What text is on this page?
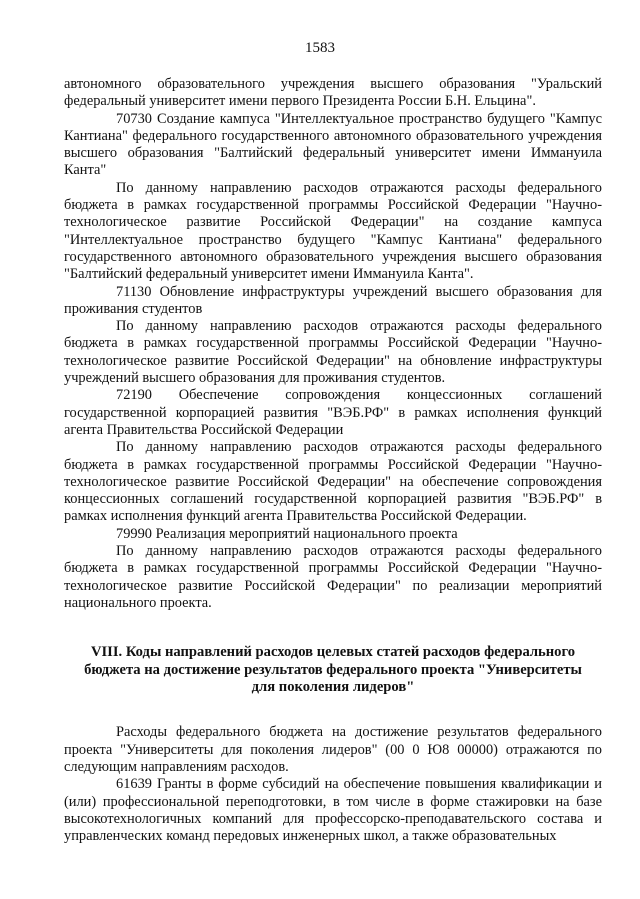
1583

автономного образовательного учреждения высшего образования "Уральский федеральный университет имени первого Президента России Б.Н. Ельцина".

70730 Создание кампуса "Интеллектуальное пространство будущего "Кампус Кантиана" федерального государственного автономного образовательного учреждения высшего образования "Балтийский федеральный университет имени Иммануила Канта"

По данному направлению расходов отражаются расходы федерального бюджета в рамках государственной программы Российской Федерации "Научно-технологическое развитие Российской Федерации" на создание кампуса "Интеллектуальное пространство будущего "Кампус Кантиана" федерального государственного автономного образовательного учреждения высшего образования "Балтийский федеральный университет имени Иммануила Канта".

71130 Обновление инфраструктуры учреждений высшего образования для проживания студентов

По данному направлению расходов отражаются расходы федерального бюджета в рамках государственной программы Российской Федерации "Научно-технологическое развитие Российской Федерации" на обновление инфраструктуры учреждений высшего образования для проживания студентов.

72190 Обеспечение сопровождения концессионных соглашений государственной корпорацией развития "ВЭБ.РФ" в рамках исполнения функций агента Правительства Российской Федерации

По данному направлению расходов отражаются расходы федерального бюджета в рамках государственной программы Российской Федерации "Научно-технологическое развитие Российской Федерации" на обеспечение сопровождения концессионных соглашений государственной корпорацией развития "ВЭБ.РФ" в рамках исполнения функций агента Правительства Российской Федерации.

79990 Реализация мероприятий национального проекта

По данному направлению расходов отражаются расходы федерального бюджета в рамках государственной программы Российской Федерации "Научно-технологическое развитие Российской Федерации" по реализации мероприятий национального проекта.

VIII. Коды направлений расходов целевых статей расходов федерального
бюджета на достижение результатов федерального проекта "Университеты
для поколения лидеров"

Расходы федерального бюджета на достижение результатов федерального проекта "Университеты для поколения лидеров" (00 0 Ю8 00000) отражаются по следующим направлениям расходов.

61639 Гранты в форме субсидий на обеспечение повышения квалификации и (или) профессиональной переподготовки, в том числе в форме стажировки на базе высокотехнологичных компаний для профессорско-преподавательского состава и управленческих команд передовых инженерных школ, а также образовательных
